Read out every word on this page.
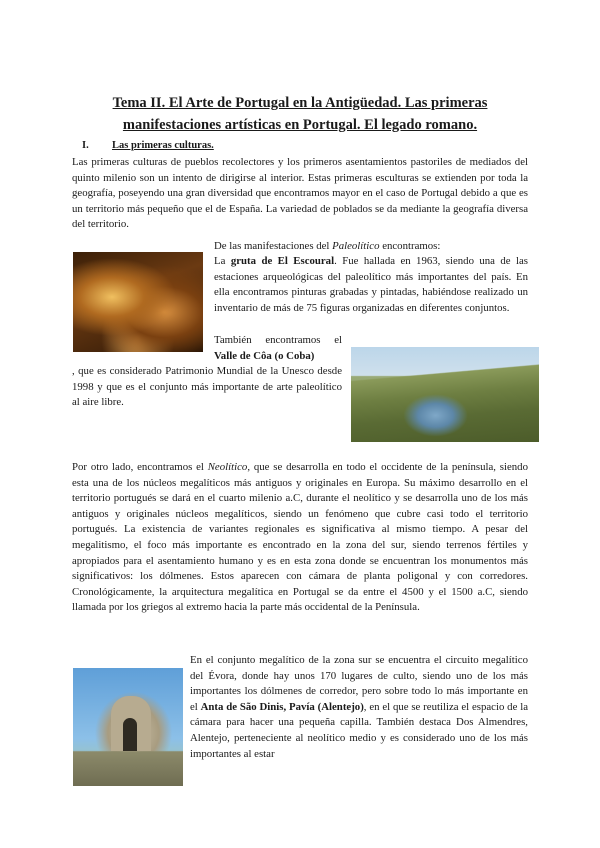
Tema II. El Arte de Portugal en la Antigüedad. Las primeras
manifestaciones artísticas en Portugal. El legado romano.
I. Las primeras culturas.

Las primeras culturas de pueblos recolectores y los primeros asentamientos pastoriles de mediados del quinto milenio son un intento de dirigirse al interior. Estas primeras esculturas se extienden por toda la geografía, poseyendo una gran diversidad que encontramos mayor en el caso de Portugal debido a que es un territorio más pequeño que el de España. La variedad de poblados se da mediante la geografía diversa del territorio.

De las manifestaciones del Paleolítico encontramos:

La gruta de El Escoural. Fue hallada en 1963, siendo una de las estaciones arqueológicas del paleolítico más importantes del país. En ella encontramos pinturas grabadas y pintadas, habiéndose realizado un inventario de más de 75 figuras organizadas en diferentes conjuntos.

También encontramos el Valle de Côa (o Coba)

, que es considerado Patrimonio Mundial de la Unesco desde 1998 y que es el conjunto más importante de arte paleolítico al aire libre.

Por otro lado, encontramos el Neolítico, que se desarrolla en todo el occidente de la península, siendo esta una de los núcleos megalíticos más antiguos y originales en Europa. Su máximo desarrollo en el territorio portugués se dará en el cuarto milenio a.C, durante el neolítico y se desarrolla uno de los más antiguos y originales núcleos megalíticos, siendo un fenómeno que cubre casi todo el territorio portugués. La existencia de variantes regionales es significativa al mismo tiempo. A pesar del megalitismo, el foco más importante es encontrado en la zona del sur, siendo terrenos fértiles y apropiados para el asentamiento humano y es en esta zona donde se encuentran los monumentos más significativos: los dólmenes. Estos aparecen con cámara de planta poligonal y con corredores. Cronológicamente, la arquitectura megalítica en Portugal se da entre el 4500 y el 1500 a.C, siendo llamada por los griegos al extremo hacia la parte más occidental de la Península.

En el conjunto megalítico de la zona sur se encuentra el circuito megalítico del Évora, donde hay unos 170 lugares de culto, siendo uno de los más importantes los dólmenes de corredor, pero sobre todo lo más importante en el Anta de São Dinis, Pavía (Alentejo), en el que se reutiliza el espacio de la cámara para hacer una pequeña capilla. También destaca Dos Almendres, Alentejo, perteneciente al neolítico medio y es considerado uno de los más importantes al estar
